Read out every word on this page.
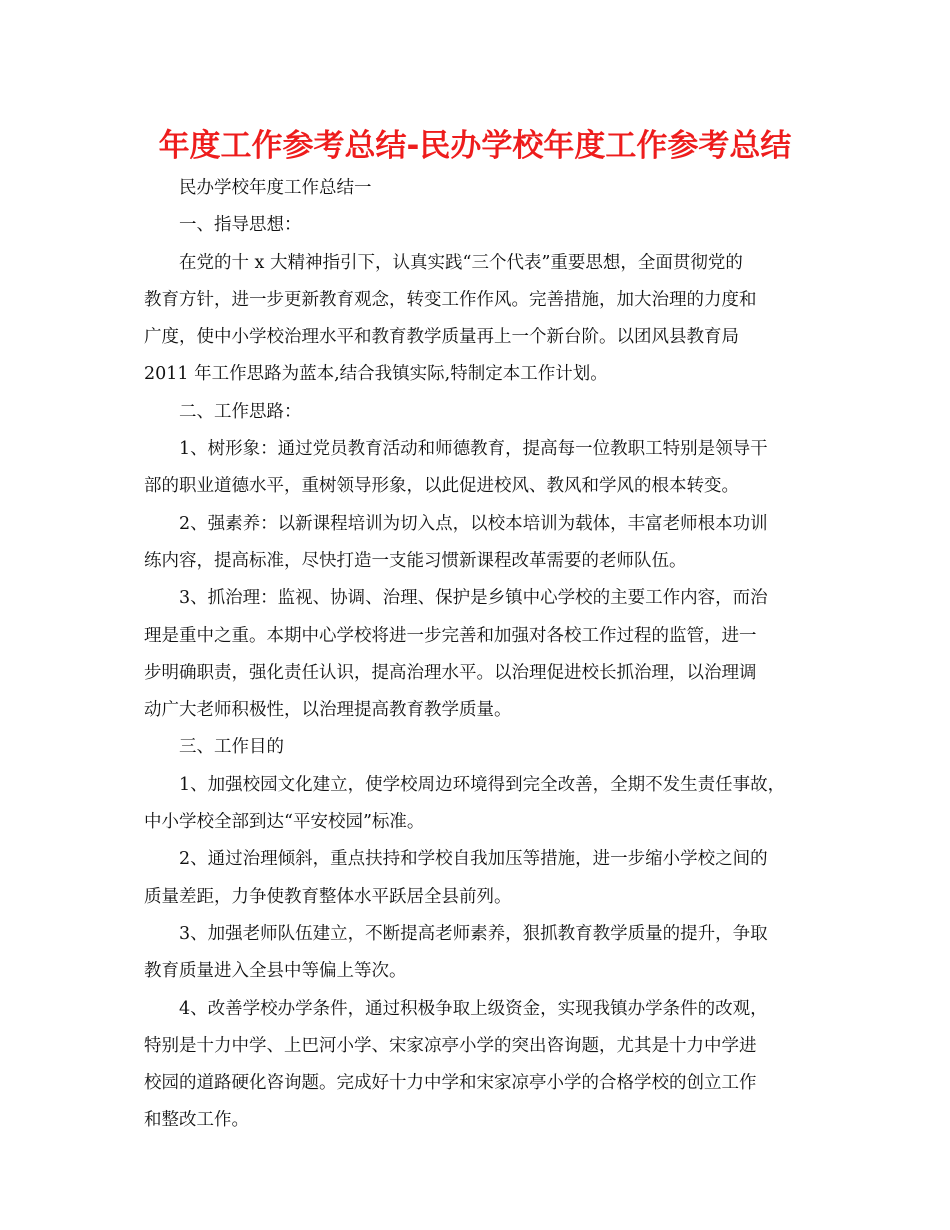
年度工作参考总结-民办学校年度工作参考总结

民办学校年度工作总结一

一、指导思想：

在党的十 x 大精神指引下，认真实践“三个代表”重要思想，全面贯彻党的

教育方针，进一步更新教育观念，转变工作作风。完善措施，加大治理的力度和

广度，使中小学校治理水平和教育教学质量再上一个新台阶。以团风县教育局

2011 年工作思路为蓝本,结合我镇实际,特制定本工作计划。

二、工作思路：

1、树形象：通过党员教育活动和师德教育，提高每一位教职工特别是领导干

部的职业道德水平，重树领导形象，以此促进校风、教风和学风的根本转变。

2、强素养：以新课程培训为切入点，以校本培训为载体，丰富老师根本功训

练内容，提高标准，尽快打造一支能习惯新课程改革需要的老师队伍。

3、抓治理：监视、协调、治理、保护是乡镇中心学校的主要工作内容，而治

理是重中之重。本期中心学校将进一步完善和加强对各校工作过程的监管，进一

步明确职责，强化责任认识，提高治理水平。以治理促进校长抓治理，以治理调

动广大老师积极性，以治理提高教育教学质量。

三、工作目的

1、加强校园文化建立，使学校周边环境得到完全改善，全期不发生责任事故，

中小学校全部到达“平安校园”标准。

2、通过治理倾斜，重点扶持和学校自我加压等措施，进一步缩小学校之间的

质量差距，力争使教育整体水平跃居全县前列。

3、加强老师队伍建立，不断提高老师素养，狠抓教育教学质量的提升，争取

教育质量进入全县中等偏上等次。

4、改善学校办学条件，通过积极争取上级资金，实现我镇办学条件的改观，

特别是十力中学、上巴河小学、宋家凉亭小学的突出咨询题，尤其是十力中学进

校园的道路硬化咨询题。完成好十力中学和宋家凉亭小学的合格学校的创立工作

和整改工作。
